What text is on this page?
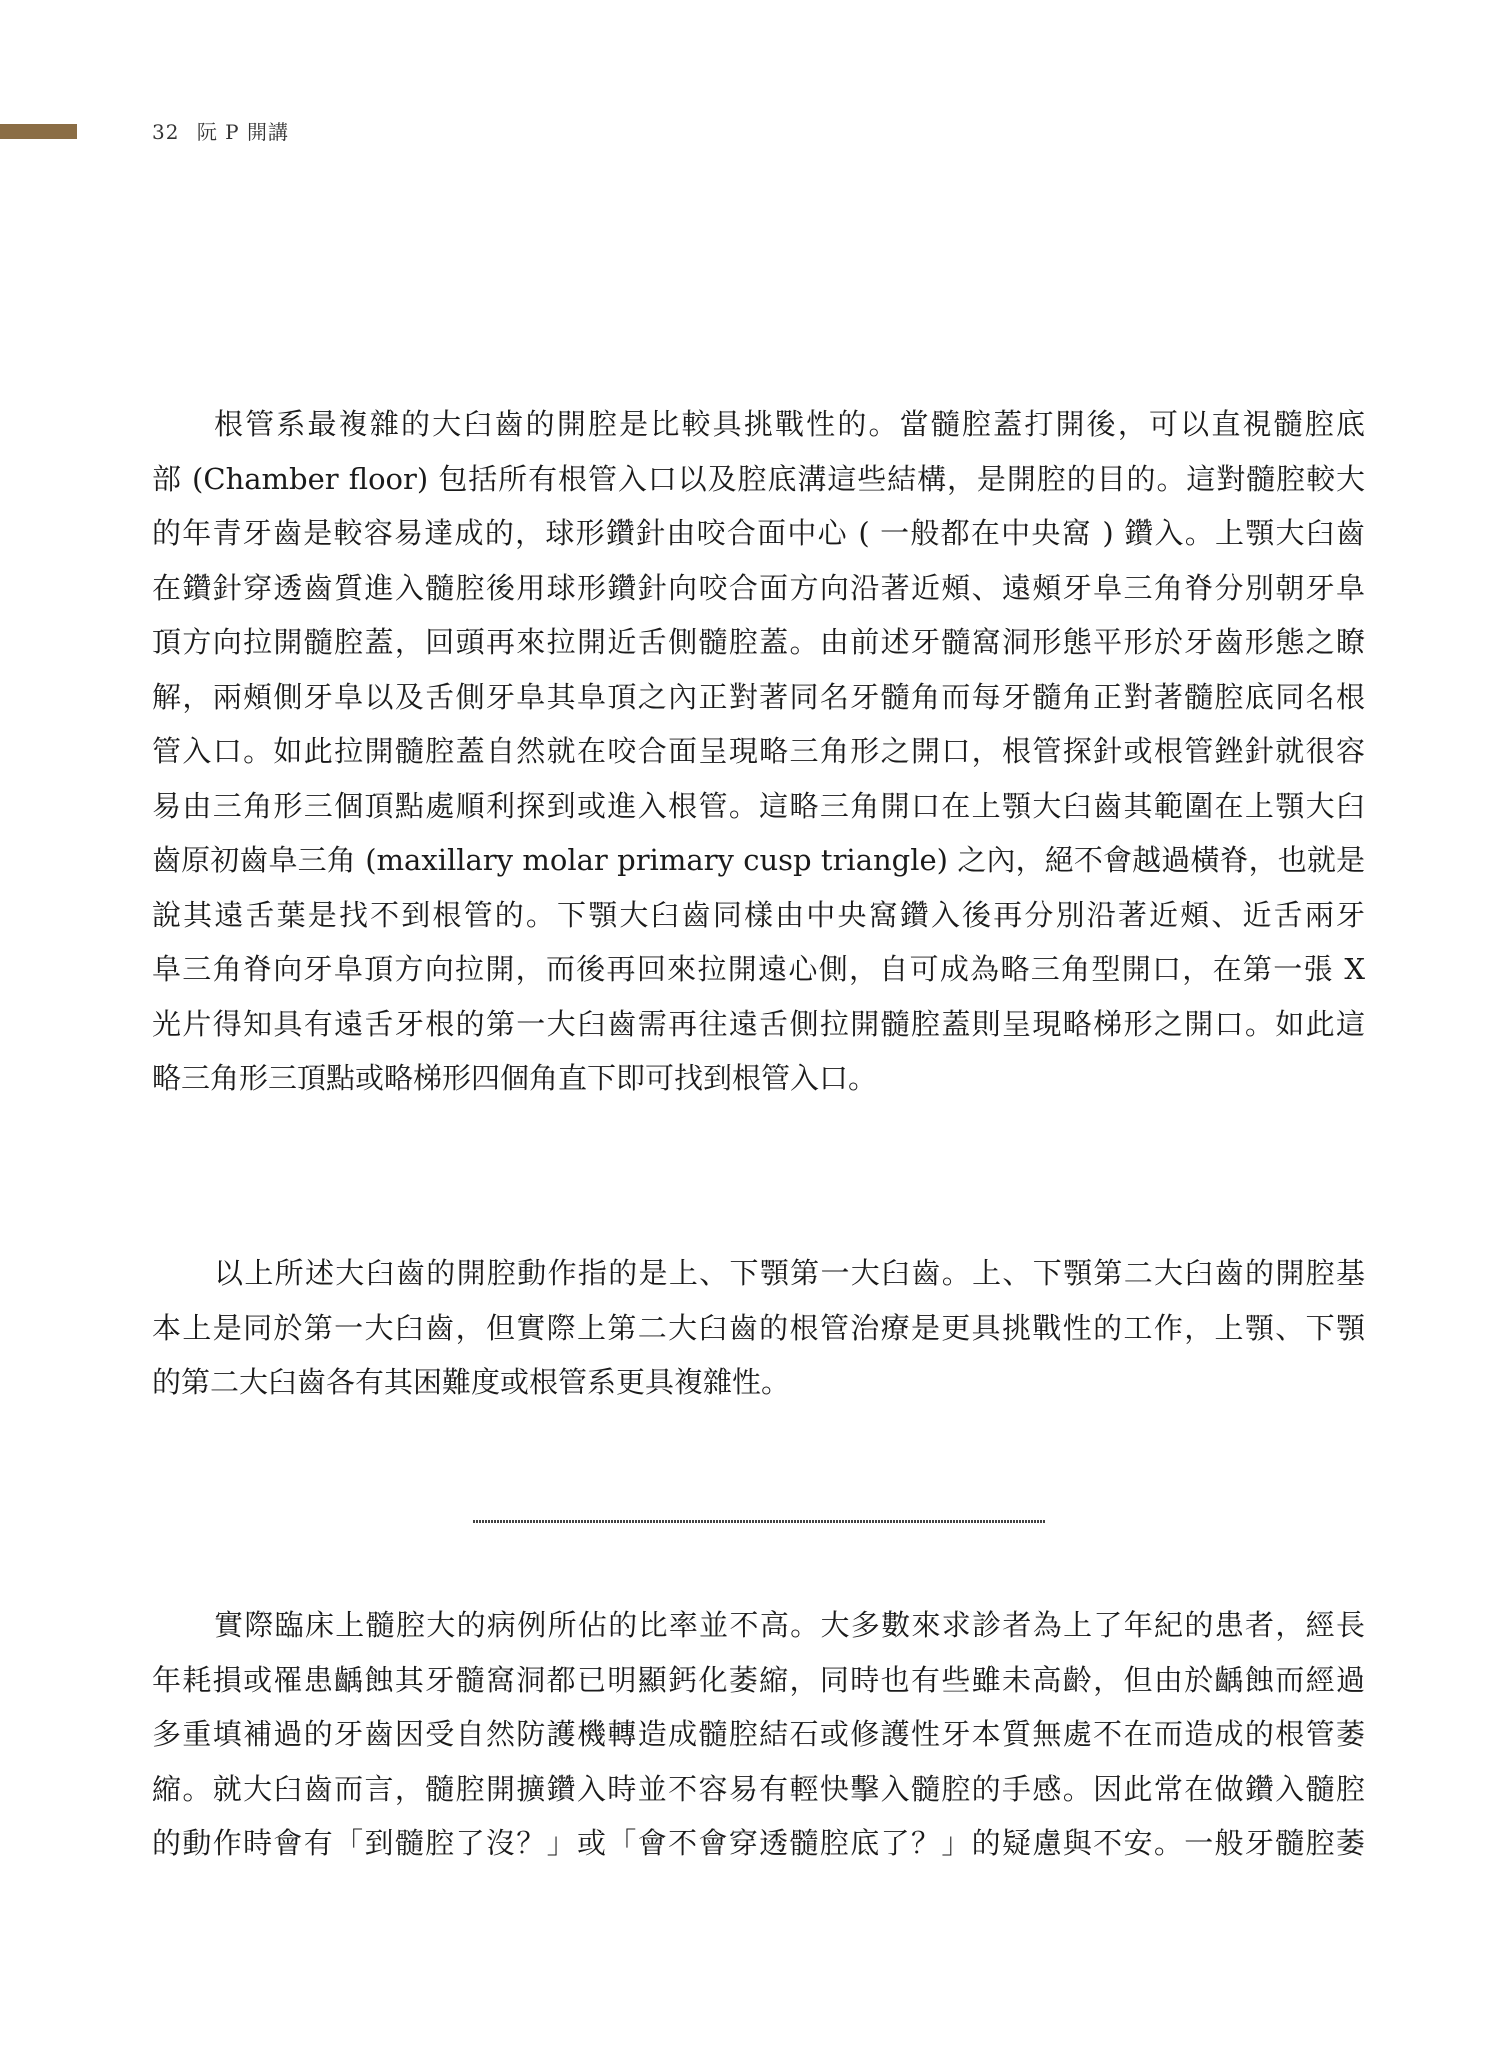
32 阮 P 開講
根管系最複雜的大臼齒的開腔是比較具挑戰性的。當髓腔蓋打開後，可以直視髓腔底
部 (Chamber floor) 包括所有根管入口以及腔底溝這些結構，是開腔的目的。這對髓腔較大
的年青牙齒是較容易達成的，球形鑽針由咬合面中心 ( 一般都在中央窩 ) 鑽入。上顎大臼齒
在鑽針穿透齒質進入髓腔後用球形鑽針向咬合面方向沿著近頰、遠頰牙阜三角脊分別朝牙阜
頂方向拉開髓腔蓋，回頭再來拉開近舌側髓腔蓋。由前述牙髓窩洞形態平形於牙齒形態之瞭
解，兩頰側牙阜以及舌側牙阜其阜頂之內正對著同名牙髓角而每牙髓角正對著髓腔底同名根
管入口。如此拉開髓腔蓋自然就在咬合面呈現略三角形之開口，根管探針或根管銼針就很容
易由三角形三個頂點處順利探到或進入根管。這略三角開口在上顎大臼齒其範圍在上顎大臼
齒原初齒阜三角 (maxillary molar primary cusp triangle) 之內，絕不會越過橫脊，也就是
說其遠舌葉是找不到根管的。下顎大臼齒同樣由中央窩鑽入後再分別沿著近頰、近舌兩牙
阜三角脊向牙阜頂方向拉開，而後再回來拉開遠心側，自可成為略三角型開口，在第一張 X
光片得知具有遠舌牙根的第一大臼齒需再往遠舌側拉開髓腔蓋則呈現略梯形之開口。如此這
略三角形三頂點或略梯形四個角直下即可找到根管入口。
以上所述大臼齒的開腔動作指的是上、下顎第一大臼齒。上、下顎第二大臼齒的開腔基
本上是同於第一大臼齒，但實際上第二大臼齒的根管治療是更具挑戰性的工作，上顎、下顎
的第二大臼齒各有其困難度或根管系更具複雜性。
實際臨床上髓腔大的病例所佔的比率並不高。大多數來求診者為上了年紀的患者，經長
年耗損或罹患齲蝕其牙髓窩洞都已明顯鈣化萎縮，同時也有些雖未高齡，但由於齲蝕而經過
多重填補過的牙齒因受自然防護機轉造成髓腔結石或修護性牙本質無處不在而造成的根管萎
縮。就大臼齒而言，髓腔開擴鑽入時並不容易有輕快擊入髓腔的手感。因此常在做鑽入髓腔
的動作時會有「到髓腔了沒？」或「會不會穿透髓腔底了？」的疑慮與不安。一般牙髓腔萎
